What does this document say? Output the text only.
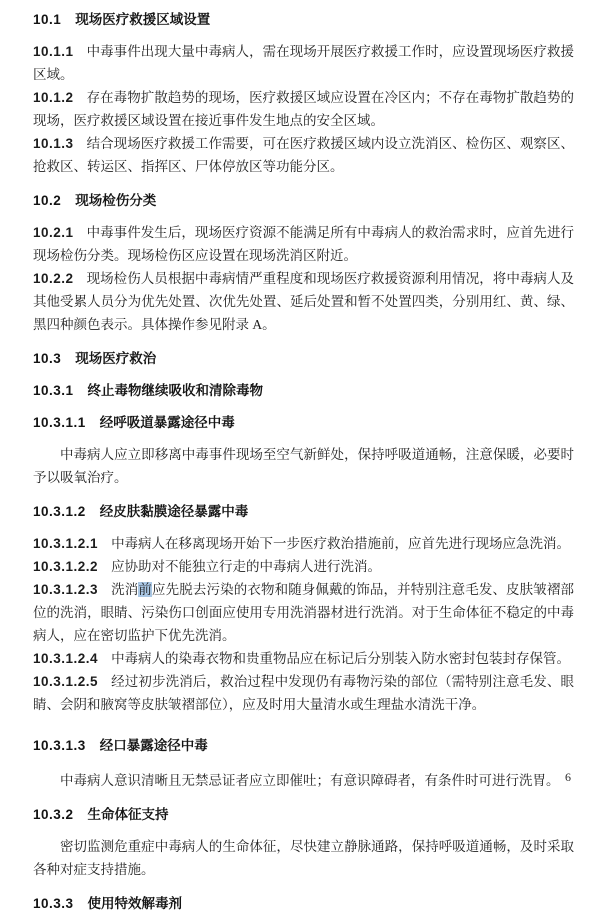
10.1 现场医疗救援区域设置

10.1.1 中毒事件出现大量中毒病人，需在现场开展医疗救援工作时，应设置现场医疗救援区域。

10.1.2 存在毒物扩散趋势的现场，医疗救援区域应设置在冷区内；不存在毒物扩散趋势的现场，医疗救援区域设置在接近事件发生地点的安全区域。

10.1.3 结合现场医疗救援工作需要，可在医疗救援区域内设立洗消区、检伤区、观察区、抢救区、转运区、指挥区、尸体停放区等功能分区。

10.2 现场检伤分类

10.2.1 中毒事件发生后，现场医疗资源不能满足所有中毒病人的救治需求时，应首先进行现场检伤分类。现场检伤区应设置在现场洗消区附近。

10.2.2 现场检伤人员根据中毒病情严重程度和现场医疗救援资源利用情况，将中毒病人及其他受累人员分为优先处置、次优先处置、延后处置和暂不处置四类，分别用红、黄、绿、黑四种颜色表示。具体操作参见附录 A。

10.3 现场医疗救治
10.3.1 终止毒物继续吸收和清除毒物
10.3.1.1 经呼吸道暴露途径中毒

中毒病人应立即移离中毒事件现场至空气新鲜处，保持呼吸道通畅，注意保暖，必要时予以吸氧治疗。

10.3.1.2 经皮肤黏膜途径暴露中毒

10.3.1.2.1 中毒病人在移离现场开始下一步医疗救治措施前，应首先进行现场应急洗消。

10.3.1.2.2 应协助对不能独立行走的中毒病人进行洗消。

10.3.1.2.3 洗消前应先脱去污染的衣物和随身佩戴的饰品，并特别注意毛发、皮肤皱褶部位的洗消，眼睛、污染伤口创面应使用专用洗消器材进行洗消。对于生命体征不稳定的中毒病人，应在密切监护下优先洗消。

10.3.1.2.4 中毒病人的染毒衣物和贵重物品应在标记后分别装入防水密封包装封存保管。

10.3.1.2.5 经过初步洗消后，救治过程中发现仍有毒物污染的部位（需特别注意毛发、眼睛、会阴和腋窝等皮肤皱褶部位），应及时用大量清水或生理盐水清洗干净。

10.3.1.3 经口暴露途径中毒

中毒病人意识清晰且无禁忌证者应立即催吐；有意识障碍者，有条件时可进行洗胃。

10.3.2 生命体征支持

密切监测危重症中毒病人的生命体征，尽快建立静脉通路，保持呼吸道通畅，及时采取各种对症支持措施。

10.3.3 使用特效解毒剂
6
